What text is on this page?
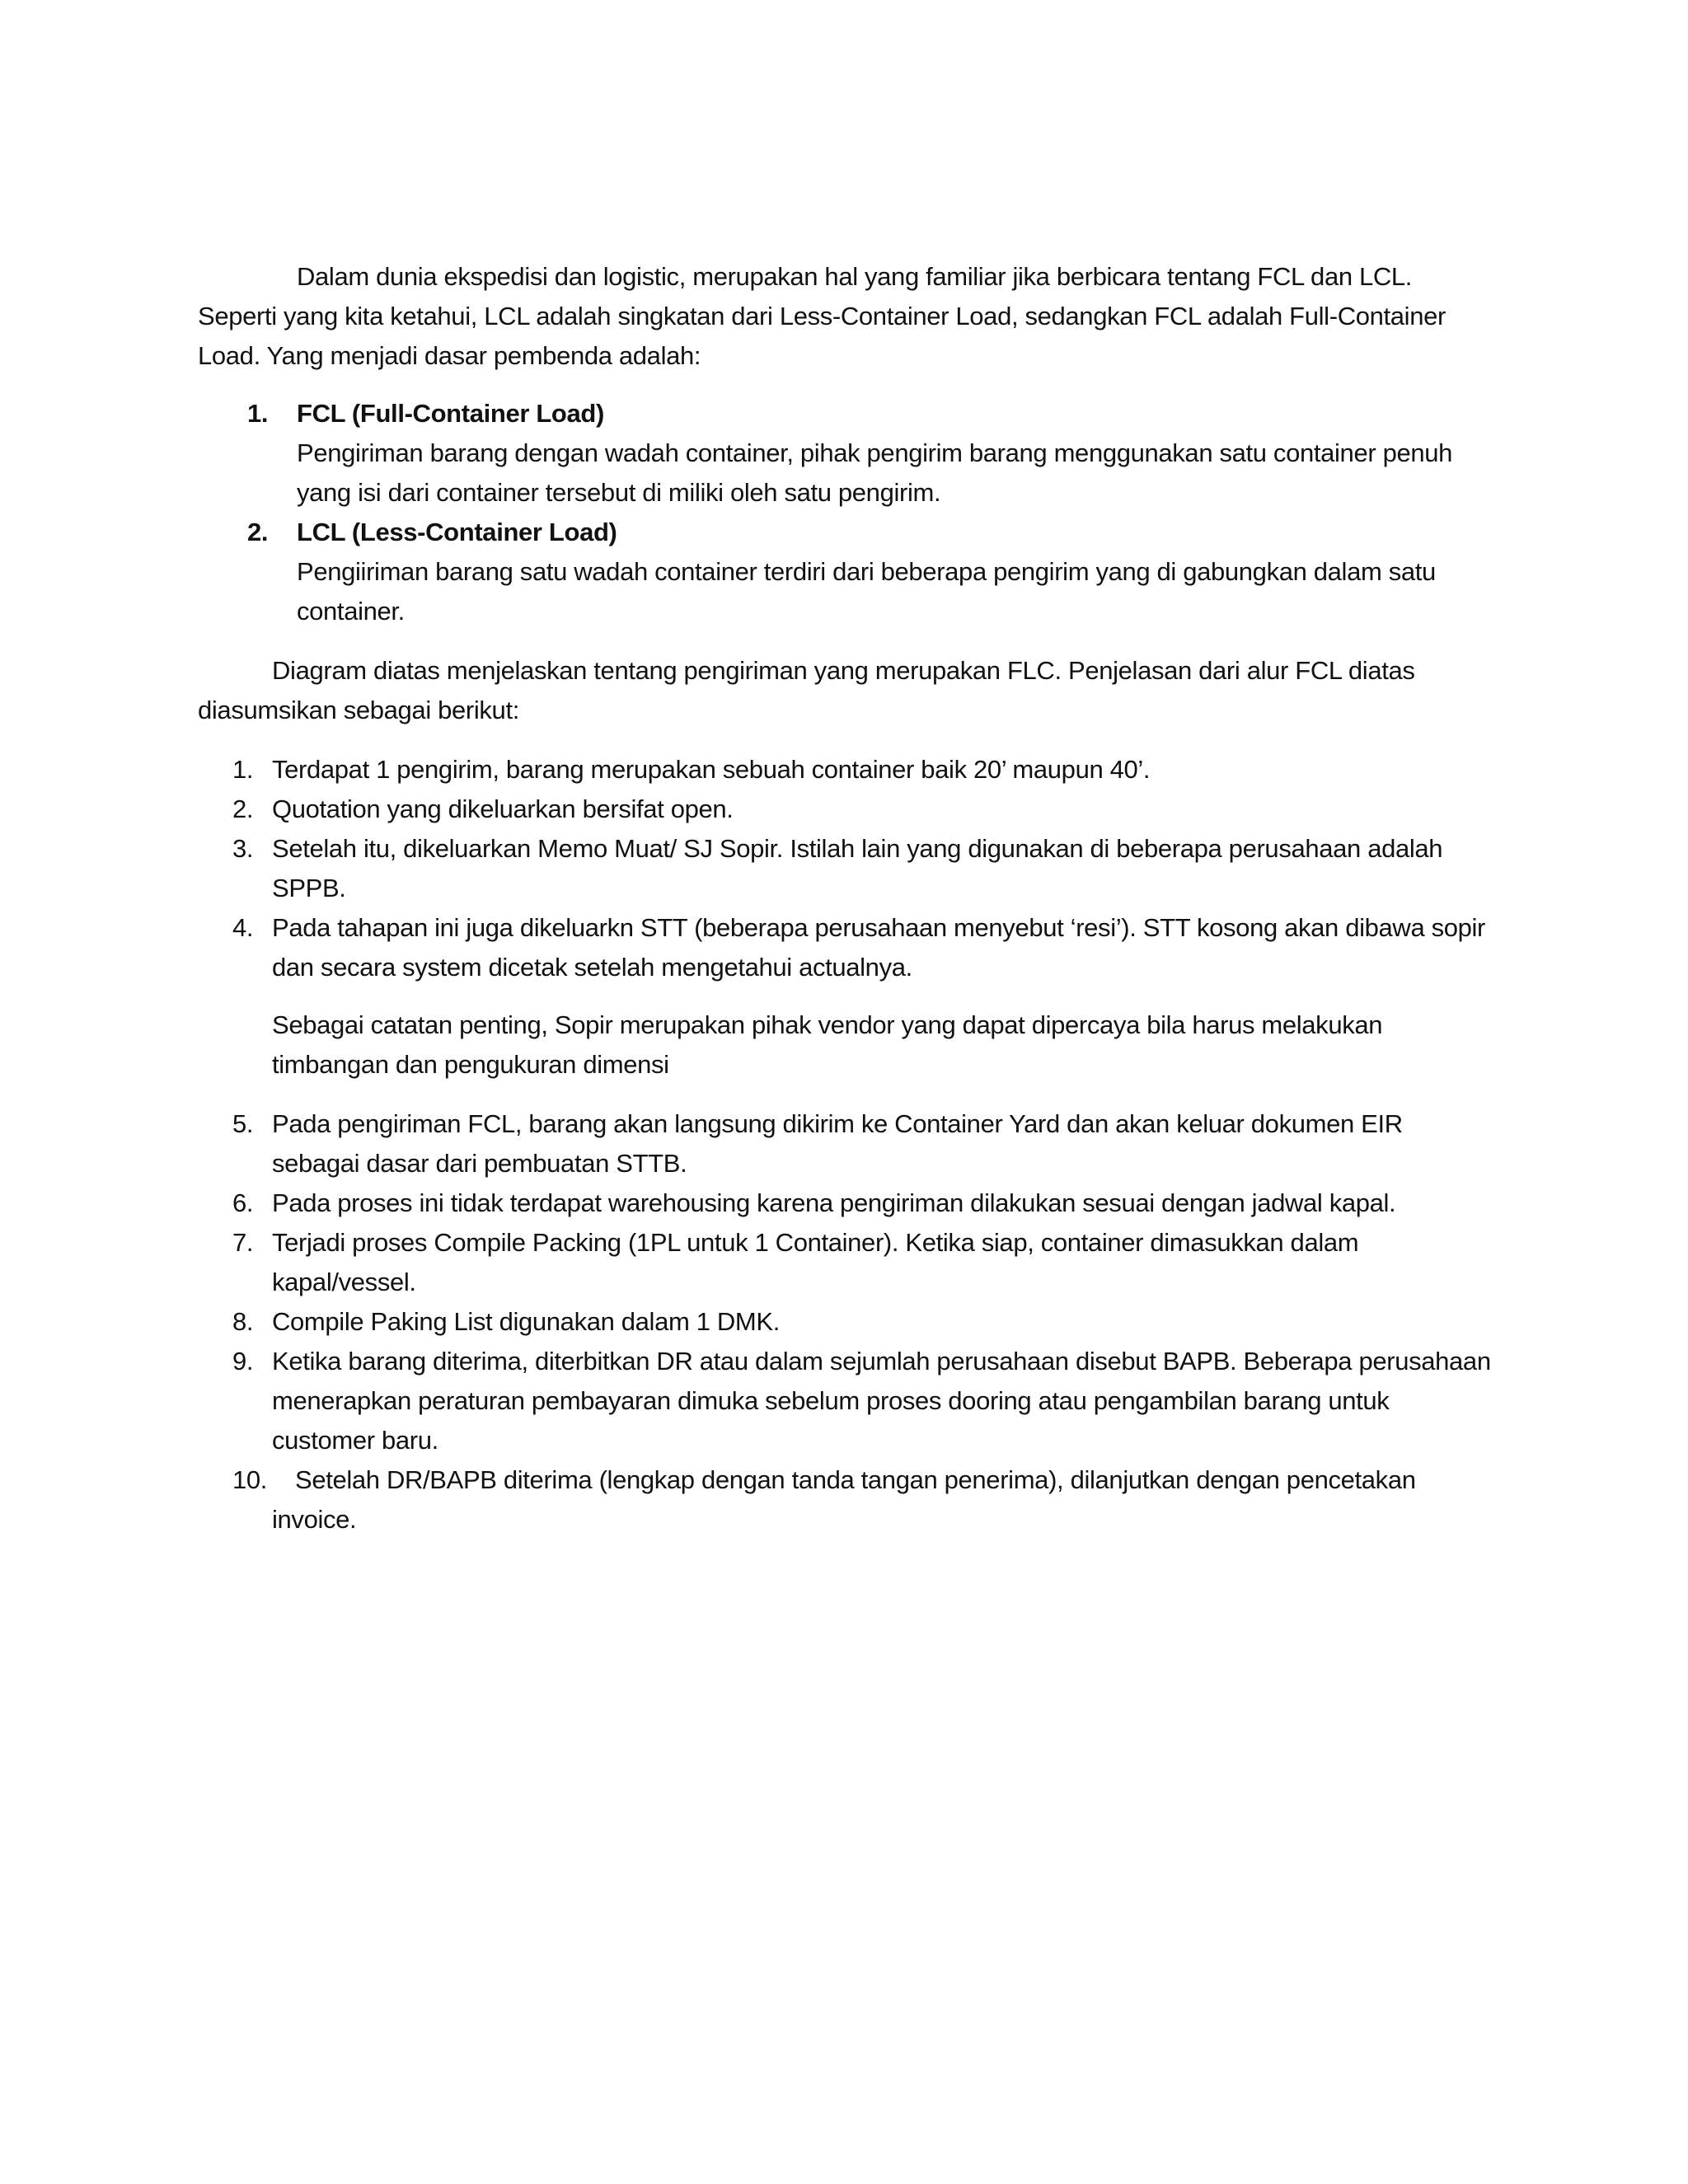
Dalam dunia ekspedisi dan logistic, merupakan hal yang familiar jika berbicara tentang FCL dan LCL. Seperti yang kita ketahui, LCL adalah singkatan dari Less-Container Load, sedangkan FCL adalah Full-Container Load. Yang menjadi dasar pembenda adalah:

1. FCL (Full-Container Load)
Pengiriman barang dengan wadah container, pihak pengirim barang menggunakan satu container penuh yang isi dari container tersebut di miliki oleh satu pengirim.
2. LCL (Less-Container Load)
Pengiiriman barang satu wadah container terdiri dari beberapa pengirim yang di gabungkan dalam satu container.

Diagram diatas menjelaskan tentang pengiriman yang merupakan FLC. Penjelasan dari alur FCL diatas diasumsikan sebagai berikut:

1. Terdapat 1 pengirim, barang merupakan sebuah container baik 20’ maupun 40’.
2. Quotation yang dikeluarkan bersifat open.
3. Setelah itu, dikeluarkan Memo Muat/ SJ Sopir. Istilah lain yang digunakan di beberapa perusahaan adalah SPPB.
4. Pada tahapan ini juga dikeluarkn STT (beberapa perusahaan menyebut ‘resi’). STT kosong akan dibawa sopir dan secara system dicetak setelah mengetahui actualnya.

Sebagai catatan penting, Sopir merupakan pihak vendor yang dapat dipercaya bila harus melakukan timbangan dan pengukuran dimensi

5. Pada pengiriman FCL, barang akan langsung dikirim ke Container Yard dan akan keluar dokumen EIR sebagai dasar dari pembuatan STTB.
6. Pada proses ini tidak terdapat warehousing karena pengiriman dilakukan sesuai dengan jadwal kapal.
7. Terjadi proses Compile Packing (1PL untuk 1 Container). Ketika siap, container dimasukkan dalam kapal/vessel.
8. Compile Paking List digunakan dalam 1 DMK.
9. Ketika barang diterima, diterbitkan DR atau dalam sejumlah perusahaan disebut BAPB. Beberapa perusahaan menerapkan peraturan pembayaran dimuka sebelum proses dooring atau pengambilan barang untuk customer baru.
10. Setelah DR/BAPB diterima (lengkap dengan tanda tangan penerima), dilanjutkan dengan pencetakan invoice.
